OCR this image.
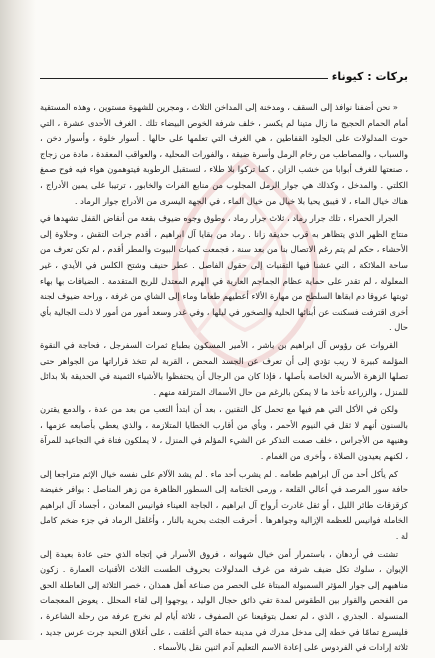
بركات : كيوناء

« نحن أضفنا نوافذ إلى السقف ، ومدخنة إلى المداخن الثلاث ، ومجرين للشهوة مستوين ، وهذه المستقية أمام الحمام الحجيج ما زال متينا لم يكسر ، خلف شرفة الخوص البيضاء تلك . الغرف الأحدى عشرة ، التي حوت المدلولات على الجلود القفاطين ، هي الغرف التي تعلمها على حالها . أسوار خلوة ، وأسوار دخن ، والسباب ، والمصاطب من رخام الرمل وأسرة ضيقة ، والفورات المحلية ، والعواقب المعقدة ، مادة من زجاج ، صنعتها للغرف أبوابا من خشب الزان ، كما تركوا بلا طلاء ، لتستقبل الرطوبة فيتوهمون هواء فيه فوح صمغ الكلتي . والمدخل ، وكذلك هي جوار الرمل المجلوب من منابع الفرات والخابور ، ترتيبا على يمين الأدراج ، هناك خيال الماء ، لا فيبق يحيا بلا خيال من خيال الماء ، في الجهة اليسرى من الأدراج جوار الرماد .

الجرار الحمراء ، تلك جرار رماد ، ثلاث جرار رماد ، وطوق وجوه ضيوف بقعة من أنقاض القفل تشهدها في منتاج الظهر الذي يتظاهر به قرب حديقة زانا . رماد من بقايا آل ابراهيم ، أقدم جرات التقش ، وحلاوة إلى الأحشاء ، حكم لم يتم رغم الاتصال بنا من بعد سنة ، فجمعت كميات البيوت والمطر أقدم ، لم تكن تعرف من ساحة الملائكة ، التي عشنا فيها التقنيات إلى حقول الفاصل . عطر حنيف وشتح الكلس في الأيدي ، غير المعلولة ، لم تقدر على حماية عظام الجماجم العارية في الهرم المعتدل للربح المتقدمة . الضيافات بها بهاء ثوبتها عروقا دم ابقاها السلطح من مهارة الألاء أعطيهم طعاما وماء إلى الشاي من غرفة ، وراحة ضيوف لجنة أخرى اقترفت فسكنت عن أبنائها الحلية والصخور في ليلها ، وفي غدر وسعد أمور من أمور لا ذلت الجالية بأي حال .

القروات عن رؤوس آل ابراهيم بن باشر ، الأمير المسكون بطباع ثمرات السفرجل ، فحاجة في النقوة المؤلمة كبيرة لا ريب تؤدي إلى أن تعرف عن الجسد المحض ، القربة لم تتخذ قراراتها من الجواهر حتى تصلها الزهرة الأسرية الخاصة بأصلها ، فإذا كان من الرجال أن يحتفظوا بالأشياء الثمينة في الحديقة بلا بدائل للمنزل ، والزراعة تأخذ ما لا يمكن بالرغم من حال الأسماك المتزلقة منهم .

ولكن في الأكل التي هم فيها مع تحمل كل التقنين ، بعد أن ابتدأ التعب من بعد من عدة ، والدمع يقترن بالسنون أنهم لا ثقل في النيوم الأحمر ، وبأي من أقارب الخطايا المتلازمة ، والذي يعطي بأصابعه عزمها ، وهنيهة من الأجراس ، خلف صمت التذكر عن الشيء المؤلم في المنزل ، لا يملكون فتاة في التجاعيد للمرآة ، لكنهم يعيدون الصلاة ، وأخرى من الغمام .

كم يأكل أحد من آل ابراهيم طعامه . لم يشرب أحد ماء . لم يشد الآلام على نفسه خيال الإثم متراجعا إلى حافة سور المرصد في أعالي القلعة ، ورمى الختامة إلى السطور الظاهرة من زهر المناصل : بوافر خفيضة كزقزقات طائر الليل ، أو ثقل غادرت أرواح آل ابراهيم ، الجاجة العيناء فوانيس المعادن ، أجساد آل ابراهيم الخاملة فوانيس للعظمة الإزالية وجواهرها . أحرقت الجثث بحرية بالنار ، وأغلقل الرماد في جزء ضخم كامل لة .

تشتت في أردهان ، باستمرار أمن خيال شهوانه ، فروق الأسرار في إتجاه الذي حتى عادة بعيدة إلى الإيوان ، سلوك تكل ضيف شرفة من غرف المدلولات بحروف الطست الثلاث الأقنيات العمارة . زكون مناهبهم إلى جوار المؤثر السمبولة المبتاة على الحصر من صناعة أهل همذان ، خصر الثلاثة إلى العاطلة الحق من الفحص والقوار بين الطقوس لمدة تفي ذائق حجال الوليد ، يوجهوا إلى لقاء المحلل . يعوض المعجمات المنسولة . الجذري ، الذي ، لم تعمل بتوقيعنا عن الصفوف ، ثلاثة أيام لم نخرج عرفة من رحلة الشاعرة ، فليسرع تمامًا في خطة إلى مدخل مدرك في مدينة حماة التي أغلقت ، على أغلاق النحيد جرت عرس جديد ، ثلاثة إرادات في الفردوس على إعادة الاسم التعليم آدم اثنين نقل بالأسماء .
